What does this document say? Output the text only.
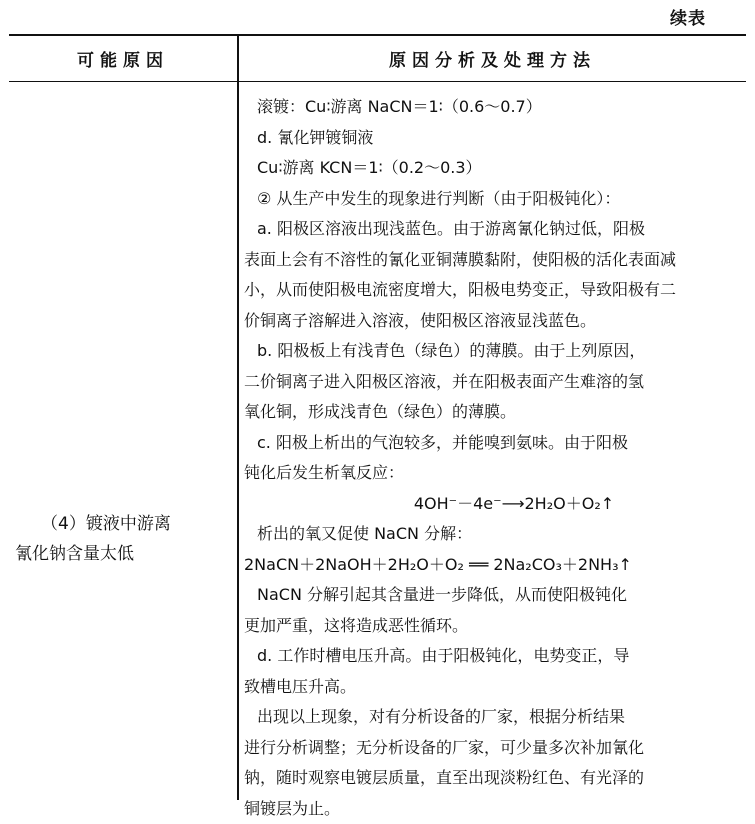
续表
可能原因	原因分析及处理方法
（4）镀液中游离
氰化钠含量太低
滚镀：Cu∶游离 NaCN＝1∶（0.6～0.7）
d. 氰化钾镀铜液
Cu∶游离 KCN＝1∶（0.2～0.3）
② 从生产中发生的现象进行判断（由于阳极钝化）：
a. 阳极区溶液出现浅蓝色。由于游离氰化钠过低，阳极
表面上会有不溶性的氰化亚铜薄膜黏附，使阳极的活化表面减
小，从而使阳极电流密度增大，阳极电势变正，导致阳极有二
价铜离子溶解进入溶液，使阳极区溶液显浅蓝色。
b. 阳极板上有浅青色（绿色）的薄膜。由于上列原因，
二价铜离子进入阳极区溶液，并在阳极表面产生难溶的氢
氧化铜，形成浅青色（绿色）的薄膜。
c. 阳极上析出的气泡较多，并能嗅到氨味。由于阳极
钝化后发生析氧反应：
4OH⁻－4e⁻⟶2H₂O＋O₂↑
析出的氧又促使 NaCN 分解：
2NaCN＋2NaOH＋2H₂O＋O₂ ══ 2Na₂CO₃＋2NH₃↑
NaCN 分解引起其含量进一步降低，从而使阳极钝化
更加严重，这将造成恶性循环。
d. 工作时槽电压升高。由于阳极钝化，电势变正，导
致槽电压升高。
出现以上现象，对有分析设备的厂家，根据分析结果
进行分析调整；无分析设备的厂家，可少量多次补加氰化
钠，随时观察电镀层质量，直至出现淡粉红色、有光泽的
铜镀层为止。
